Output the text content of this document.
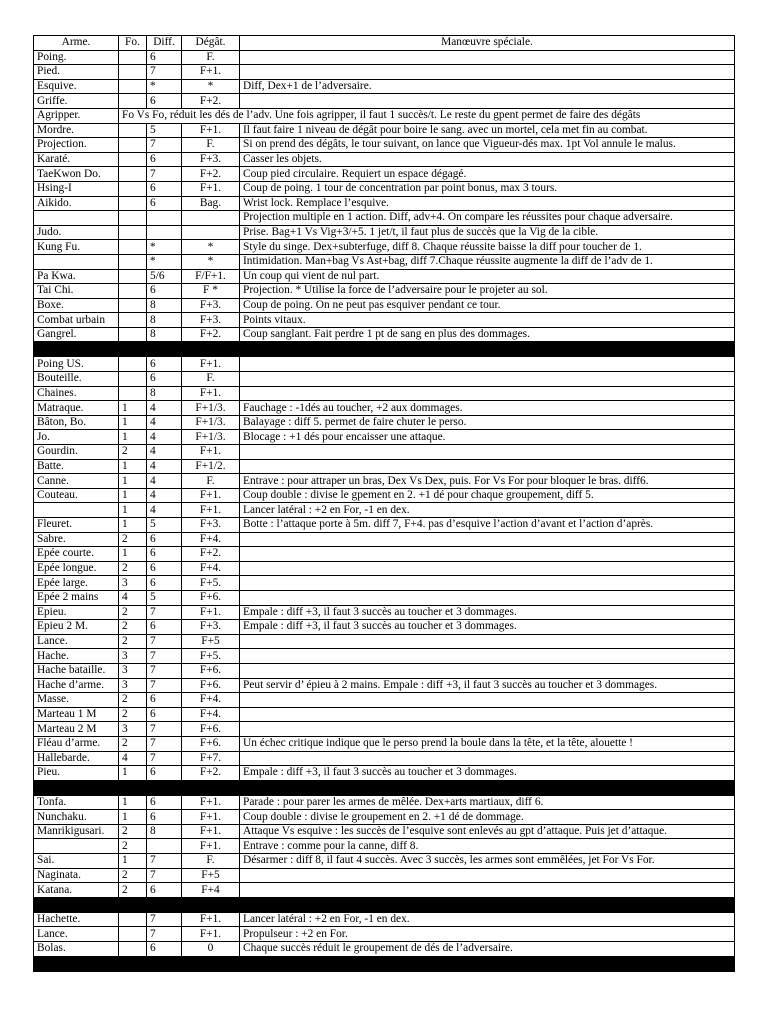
Arme.	Fo.	Diff.	Dégât.	Manœuvre spéciale.
Poing.		6	F.	
Pied.		7	F+1.	
Esquive.		*	*	Diff, Dex+1 de l’adversaire.
Griffe.		6	F+2.	
Agripper.	Fo Vs Fo, réduit les dés de l’adv. Une fois agripper, il faut 1 succès/t. Le reste du gpent permet de faire des dégâts			
Mordre.		5	F+1.	Il faut faire 1 niveau de dégât pour boire le sang. avec un mortel, cela met fin au combat.
Projection.		7	F.	Si on prend des dégâts, le tour suivant, on lance que Vigueur-dés max. 1pt Vol annule le malus.
Karaté.		6	F+3.	Casser les objets.
TaeKwon Do.		7	F+2.	Coup pied circulaire. Requiert un espace dégagé.
Hsing-I		6	F+1.	Coup de poing. 1 tour de concentration par point bonus, max 3 tours.
Aikido.		6	Bag.	Wrist lock. Remplace l’esquive.
				Projection multiple en 1 action. Diff, adv+4. On compare les réussites pour chaque adversaire.
Judo.				Prise. Bag+1 Vs Vig+3/+5. 1 jet/t, il faut plus de succès que la Vig de la cible.
Kung Fu.		*	*	Style du singe. Dex+subterfuge, diff 8. Chaque réussite baisse la diff pour toucher de 1.
		*	*	Intimidation. Man+bag Vs Ast+bag, diff 7.Chaque réussite augmente la diff de l’adv de 1.
Pa Kwa.		5/6	F/F+1.	Un coup qui vient de nul part.
Tai Chi.		6	F *	Projection. * Utilise la force de l’adversaire pour le projeter au sol.
Boxe.		8	F+3.	Coup de poing. On ne peut pas esquiver pendant ce tour.
Combat urbain		8	F+3.	Points vitaux.
Gangrel.		8	F+2.	Coup sanglant. Fait perdre 1 pt de sang en plus des dommages.

Poing US.		6	F+1.	
Bouteille.		6	F.	
Chaines.		8	F+1.	
Matraque.	1	4	F+1/3.	Fauchage : -1dés au toucher, +2 aux dommages.
Bâton, Bo.	1	4	F+1/3.	Balayage : diff 5. permet de faire chuter le perso.
Jo.	1	4	F+1/3.	Blocage : +1 dés pour encaisser une attaque.
Gourdin.	2	4	F+1.	
Batte.	1	4	F+1/2.	
Canne.	1	4	F.	Entrave : pour attraper un bras, Dex Vs Dex, puis. For Vs For pour bloquer le bras. diff6.
Couteau.	1	4	F+1.	Coup double : divise le gpement en 2. +1 dé pour chaque groupement, diff 5.
	1	4	F+1.	Lancer latéral : +2 en For, -1 en dex.
Fleuret.	1	5	F+3.	Botte : l’attaque porte à 5m. diff 7, F+4. pas d’esquive l’action d’avant et l’action d’après.
Sabre.	2	6	F+4.	
Epée courte.	1	6	F+2.	
Epée longue.	2	6	F+4.	
Epée large.	3	6	F+5.	
Epée 2 mains	4	5	F+6.	
Epieu.	2	7	F+1.	Empale : diff +3, il faut 3 succès au toucher et 3 dommages.
Epieu 2 M.	2	6	F+3.	Empale : diff +3, il faut 3 succès au toucher et 3 dommages.
Lance.	2	7	F+5	
Hache.	3	7	F+5.	
Hache bataille.	3	7	F+6.	
Hache d’arme.	3	7	F+6.	Peut servir d’ épieu à 2 mains. Empale : diff +3, il faut 3 succès au toucher et 3 dommages.
Masse.	2	6	F+4.	
Marteau 1 M	2	6	F+4.	
Marteau 2 M	3	7	F+6.	
Fléau d’arme.	2	7	F+6.	Un échec critique indique que le perso prend la boule dans la tête, et la tête, alouette !
Hallebarde.	4	7	F+7.	
Pieu.	1	6	F+2.	Empale : diff +3, il faut 3 succès au toucher et 3 dommages.

Tonfa.	1	6	F+1.	Parade : pour parer les armes de mêlée. Dex+arts martiaux, diff 6.
Nunchaku.	1	6	F+1.	Coup double : divise le groupement en 2. +1 dé de dommage.
Manrikigusari.	2	8	F+1.	Attaque Vs esquive : les succès de l’esquive sont enlevés au gpt d’attaque. Puis jet d’attaque.
	2		F+1.	Entrave : comme pour la canne, diff 8.
Sai.	1	7	F.	Désarmer : diff 8, il faut 4 succès. Avec 3 succès, les armes sont emmêlées, jet For Vs For.
Naginata.	2	7	F+5	
Katana.	2	6	F+4	

Hachette.		7	F+1.	Lancer latéral : +2 en For, -1 en dex.
Lance.		7	F+1.	Propulseur : +2 en For.
Bolas.		6	0	Chaque succès réduit le groupement de dés de l’adversaire.
